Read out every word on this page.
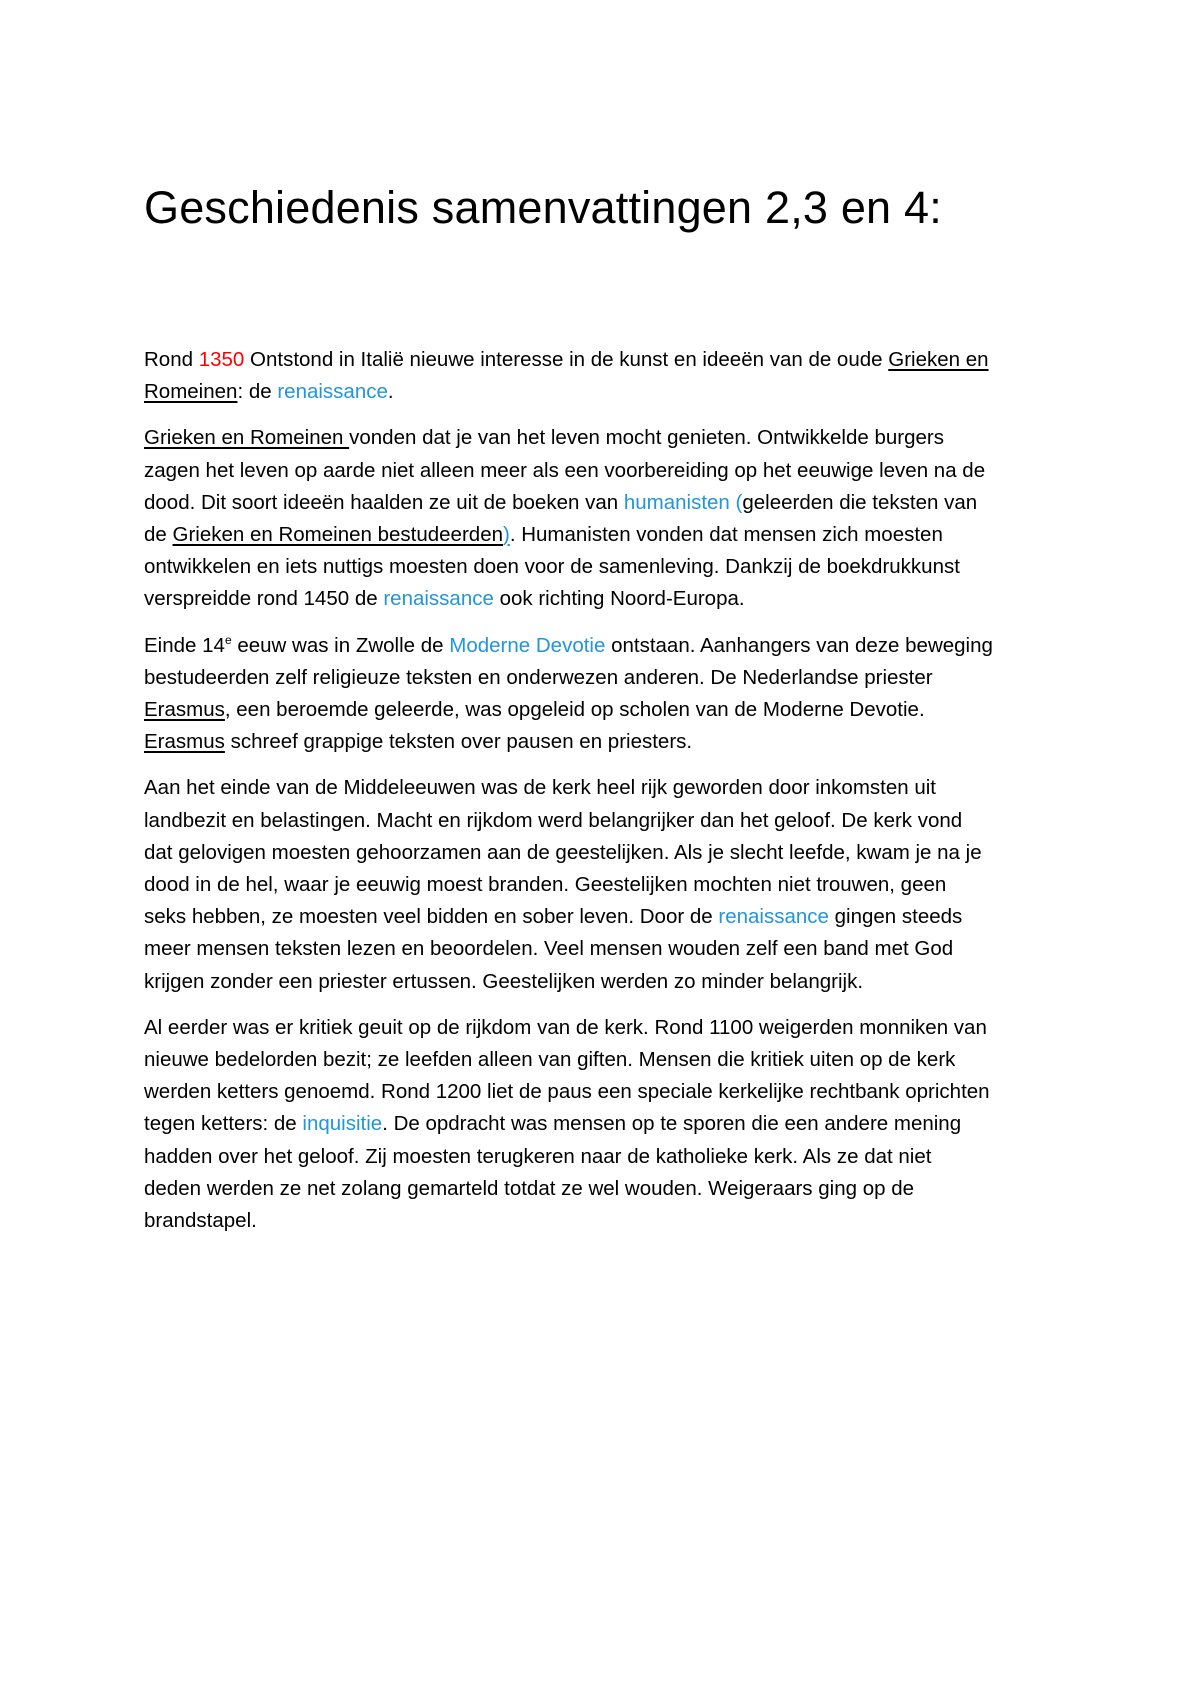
Geschiedenis samenvattingen 2,3 en 4:

Rond 1350 Ontstond in Italië nieuwe interesse in de kunst en ideeën van de oude Grieken en
Romeinen: de renaissance.

Grieken en Romeinen vonden dat je van het leven mocht genieten. Ontwikkelde burgers
zagen het leven op aarde niet alleen meer als een voorbereiding op het eeuwige leven na de
dood. Dit soort ideeën haalden ze uit de boeken van humanisten (geleerden die teksten van
de Grieken en Romeinen bestudeerden). Humanisten vonden dat mensen zich moesten
ontwikkelen en iets nuttigs moesten doen voor de samenleving. Dankzij de boekdrukkunst
verspreidde rond 1450 de renaissance ook richting Noord-Europa.

Einde 14e eeuw was in Zwolle de Moderne Devotie ontstaan. Aanhangers van deze beweging
bestudeerden zelf religieuze teksten en onderwezen anderen. De Nederlandse priester
Erasmus, een beroemde geleerde, was opgeleid op scholen van de Moderne Devotie.
Erasmus schreef grappige teksten over pausen en priesters.

Aan het einde van de Middeleeuwen was de kerk heel rijk geworden door inkomsten uit
landbezit en belastingen. Macht en rijkdom werd belangrijker dan het geloof. De kerk vond
dat gelovigen moesten gehoorzamen aan de geestelijken. Als je slecht leefde, kwam je na je
dood in de hel, waar je eeuwig moest branden. Geestelijken mochten niet trouwen, geen
seks hebben, ze moesten veel bidden en sober leven. Door de renaissance gingen steeds
meer mensen teksten lezen en beoordelen. Veel mensen wouden zelf een band met God
krijgen zonder een priester ertussen. Geestelijken werden zo minder belangrijk.

Al eerder was er kritiek geuit op de rijkdom van de kerk. Rond 1100 weigerden monniken van
nieuwe bedelorden bezit; ze leefden alleen van giften. Mensen die kritiek uiten op de kerk
werden ketters genoemd. Rond 1200 liet de paus een speciale kerkelijke rechtbank oprichten
tegen ketters: de inquisitie. De opdracht was mensen op te sporen die een andere mening
hadden over het geloof. Zij moesten terugkeren naar de katholieke kerk. Als ze dat niet
deden werden ze net zolang gemarteld totdat ze wel wouden. Weigeraars ging op de
brandstapel.
